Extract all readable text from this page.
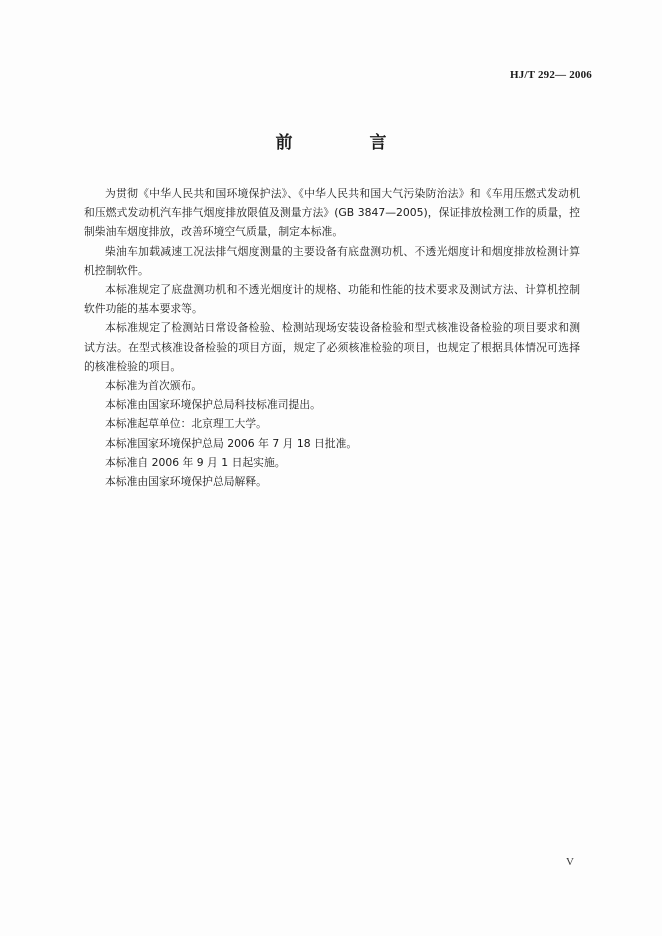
HJ/T 292— 2006
前　言

为贯彻《中华人民共和国环境保护法》、《中华人民共和国大气污染防治法》和《车用压燃式发动机和压燃式发动机汽车排气烟度排放限值及测量方法》(GB 3847—2005)，保证排放检测工作的质量，控制柴油车烟度排放，改善环境空气质量，制定本标准。

柴油车加载减速工况法排气烟度测量的主要设备有底盘测功机、不透光烟度计和烟度排放检测计算机控制软件。

本标准规定了底盘测功机和不透光烟度计的规格、功能和性能的技术要求及测试方法、计算机控制软件功能的基本要求等。

本标准规定了检测站日常设备检验、检测站现场安装设备检验和型式核准设备检验的项目要求和测试方法。在型式核准设备检验的项目方面，规定了必须核准检验的项目，也规定了根据具体情况可选择的核准检验的项目。

本标准为首次颁布。

本标准由国家环境保护总局科技标准司提出。

本标准起草单位：北京理工大学。

本标准国家环境保护总局 2006 年 7 月 18 日批准。

本标准自 2006 年 9 月 1 日起实施。

本标准由国家环境保护总局解释。

V
